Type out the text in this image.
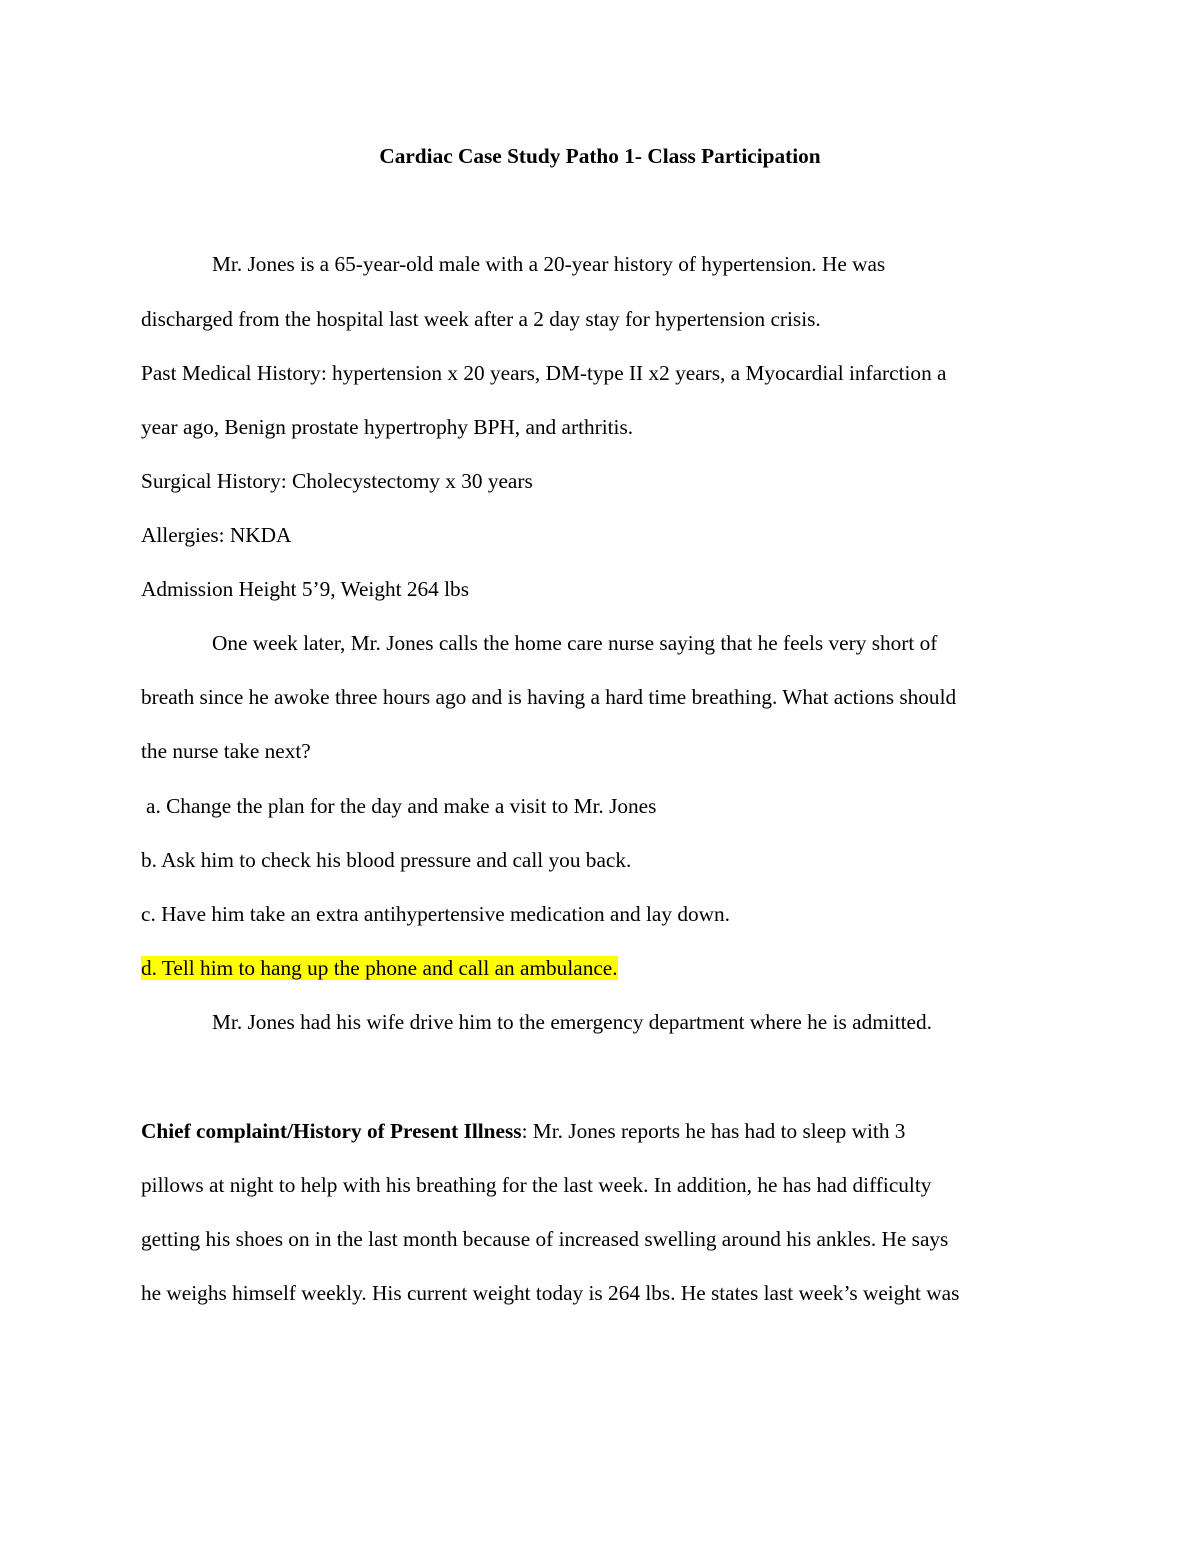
Cardiac Case Study Patho 1- Class Participation

Mr. Jones is a 65-year-old male with a 20-year history of hypertension. He was

discharged from the hospital last week after a 2 day stay for hypertension crisis.

Past Medical History: hypertension x 20 years, DM-type II x2 years, a Myocardial infarction a

year ago, Benign prostate hypertrophy BPH, and arthritis.

Surgical History: Cholecystectomy x 30 years

Allergies: NKDA

Admission Height 5’9, Weight 264 lbs

One week later, Mr. Jones calls the home care nurse saying that he feels very short of

breath since he awoke three hours ago and is having a hard time breathing. What actions should

the nurse take next?

a. Change the plan for the day and make a visit to Mr. Jones

b. Ask him to check his blood pressure and call you back.

c. Have him take an extra antihypertensive medication and lay down.

d. Tell him to hang up the phone and call an ambulance.

Mr. Jones had his wife drive him to the emergency department where he is admitted.

Chief complaint/History of Present Illness: Mr. Jones reports he has had to sleep with 3

pillows at night to help with his breathing for the last week. In addition, he has had difficulty

getting his shoes on in the last month because of increased swelling around his ankles. He says

he weighs himself weekly. His current weight today is 264 lbs. He states last week’s weight was
